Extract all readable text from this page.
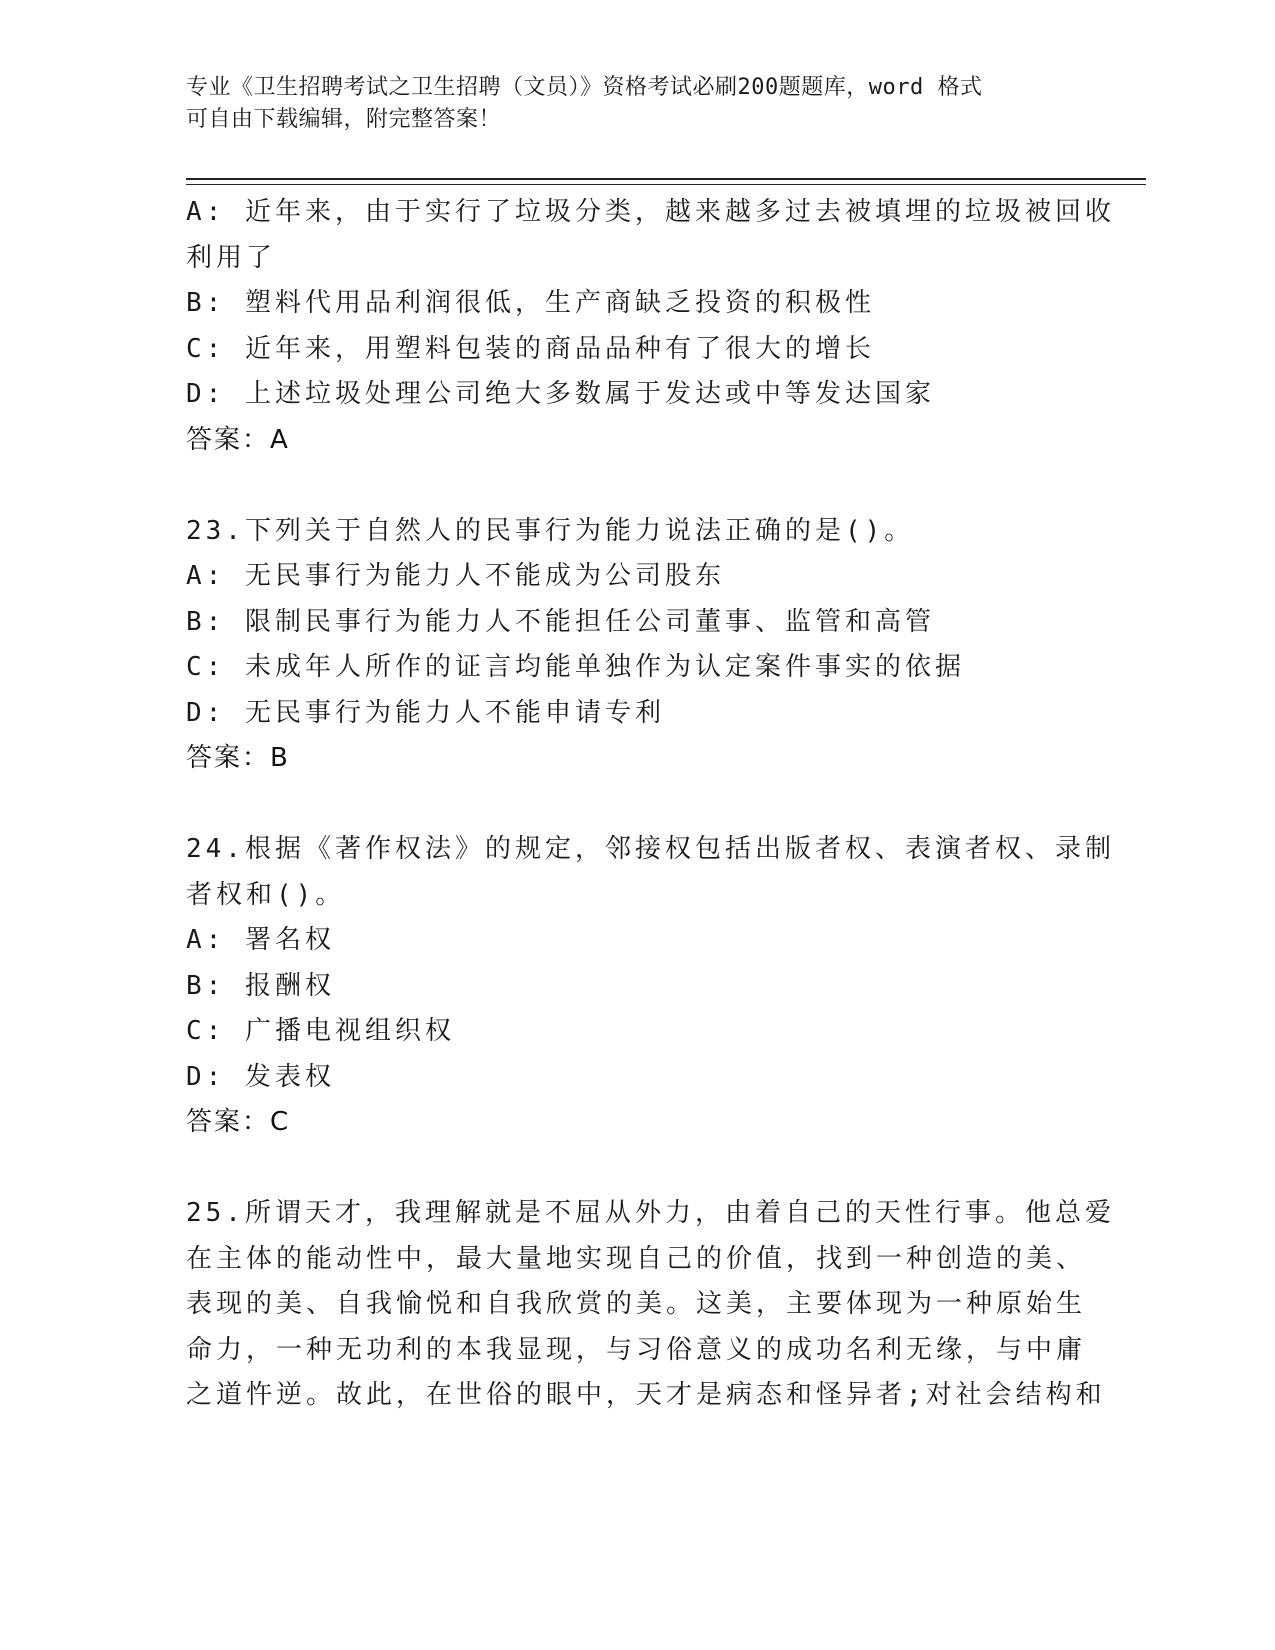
专业《卫生招聘考试之卫生招聘（文员）》资格考试必刷200题题库，word 格式
可自由下载编辑，附完整答案！
A: 近年来，由于实行了垃圾分类，越来越多过去被填埋的垃圾被回收
利用了
B: 塑料代用品利润很低，生产商缺乏投资的积极性
C: 近年来，用塑料包装的商品品种有了很大的增长
D: 上述垃圾处理公司绝大多数属于发达或中等发达国家
答案：A
23.下列关于自然人的民事行为能力说法正确的是()。
A: 无民事行为能力人不能成为公司股东
B: 限制民事行为能力人不能担任公司董事、监管和高管
C: 未成年人所作的证言均能单独作为认定案件事实的依据
D: 无民事行为能力人不能申请专利
答案：B
24.根据《著作权法》的规定，邻接权包括出版者权、表演者权、录制
者权和()。
A: 署名权
B: 报酬权
C: 广播电视组织权
D: 发表权
答案：C
25.所谓天才，我理解就是不屈从外力，由着自己的天性行事。他总爱
在主体的能动性中，最大量地实现自己的价值，找到一种创造的美、
表现的美、自我愉悦和自我欣赏的美。这美，主要体现为一种原始生
命力，一种无功利的本我显现，与习俗意义的成功名利无缘，与中庸
之道忤逆。故此，在世俗的眼中，天才是病态和怪异者;对社会结构和
